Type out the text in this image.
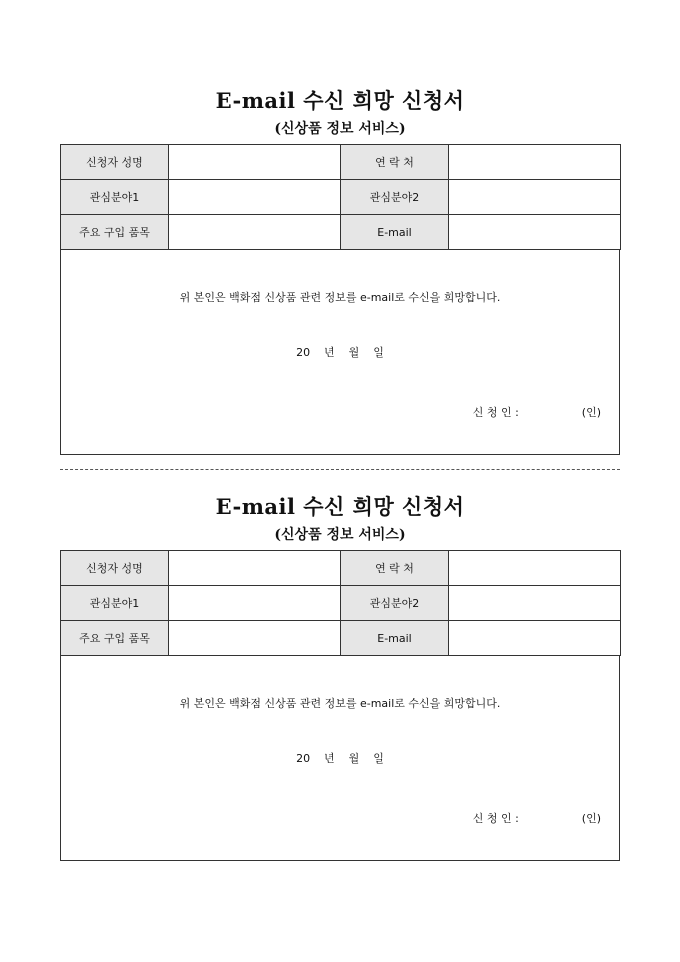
E-mail 수신 희망 신청서
(신상품 정보 서비스)
신청자 성명		연 락 처	
관심분야1		관심분야2	
주요 구입 품목		E-mail	
위 본인은 백화점 신상품 관련 정보를 e-mail로 수신을 희망합니다.
20    년    월    일
신 청 인 :                  (인)
E-mail 수신 희망 신청서
(신상품 정보 서비스)
신청자 성명		연 락 처	
관심분야1		관심분야2	
주요 구입 품목		E-mail	
위 본인은 백화점 신상품 관련 정보를 e-mail로 수신을 희망합니다.
20    년    월    일
신 청 인 :                  (인)
